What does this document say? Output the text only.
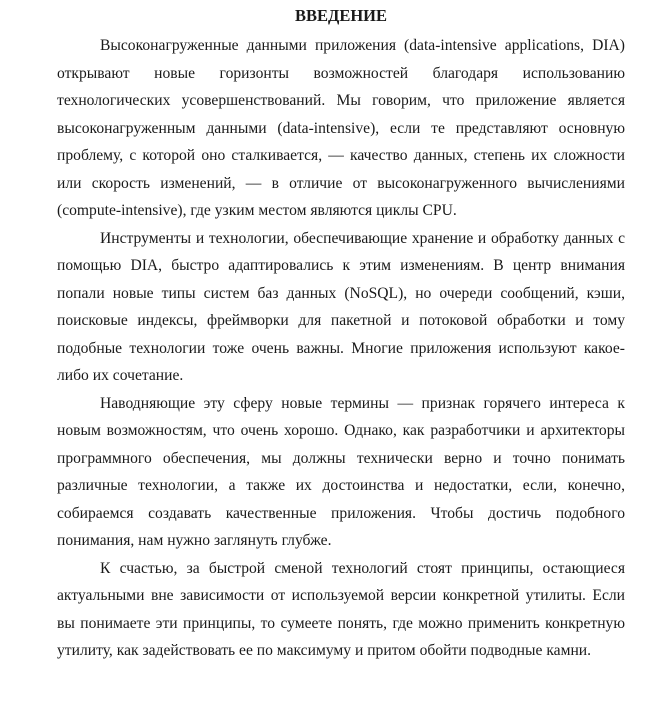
ВВЕДЕНИЕ

Высоконагруженные данными приложения (data-intensive applications, DIA) открывают новые горизонты возможностей благодаря использованию технологических усовершенствований. Мы говорим, что приложение является высоконагруженным данными (data-intensive), если те представляют основную проблему, с которой оно сталкивается, — качество данных, степень их сложности или скорость изменений, — в отличие от высоконагруженного вычислениями (compute-intensive), где узким местом являются циклы CPU.

Инструменты и технологии, обеспечивающие хранение и обработку данных с помощью DIA, быстро адаптировались к этим изменениям. В центр внимания попали новые типы систем баз данных (NoSQL), но очереди сообщений, кэши, поисковые индексы, фреймворки для пакетной и потоковой обработки и тому подобные технологии тоже очень важны. Многие приложения используют какое-либо их сочетание.

Наводняющие эту сферу новые термины — признак горячего интереса к новым возможностям, что очень хорошо. Однако, как разработчики и архитекторы программного обеспечения, мы должны технически верно и точно понимать различные технологии, а также их достоинства и недостатки, если, конечно, собираемся создавать качественные приложения. Чтобы достичь подобного понимания, нам нужно заглянуть глубже.

К счастью, за быстрой сменой технологий стоят принципы, остающиеся актуальными вне зависимости от используемой версии конкретной утилиты. Если вы понимаете эти принципы, то сумеете понять, где можно применить конкретную утилиту, как задействовать ее по максимуму и притом обойти подводные камни.
